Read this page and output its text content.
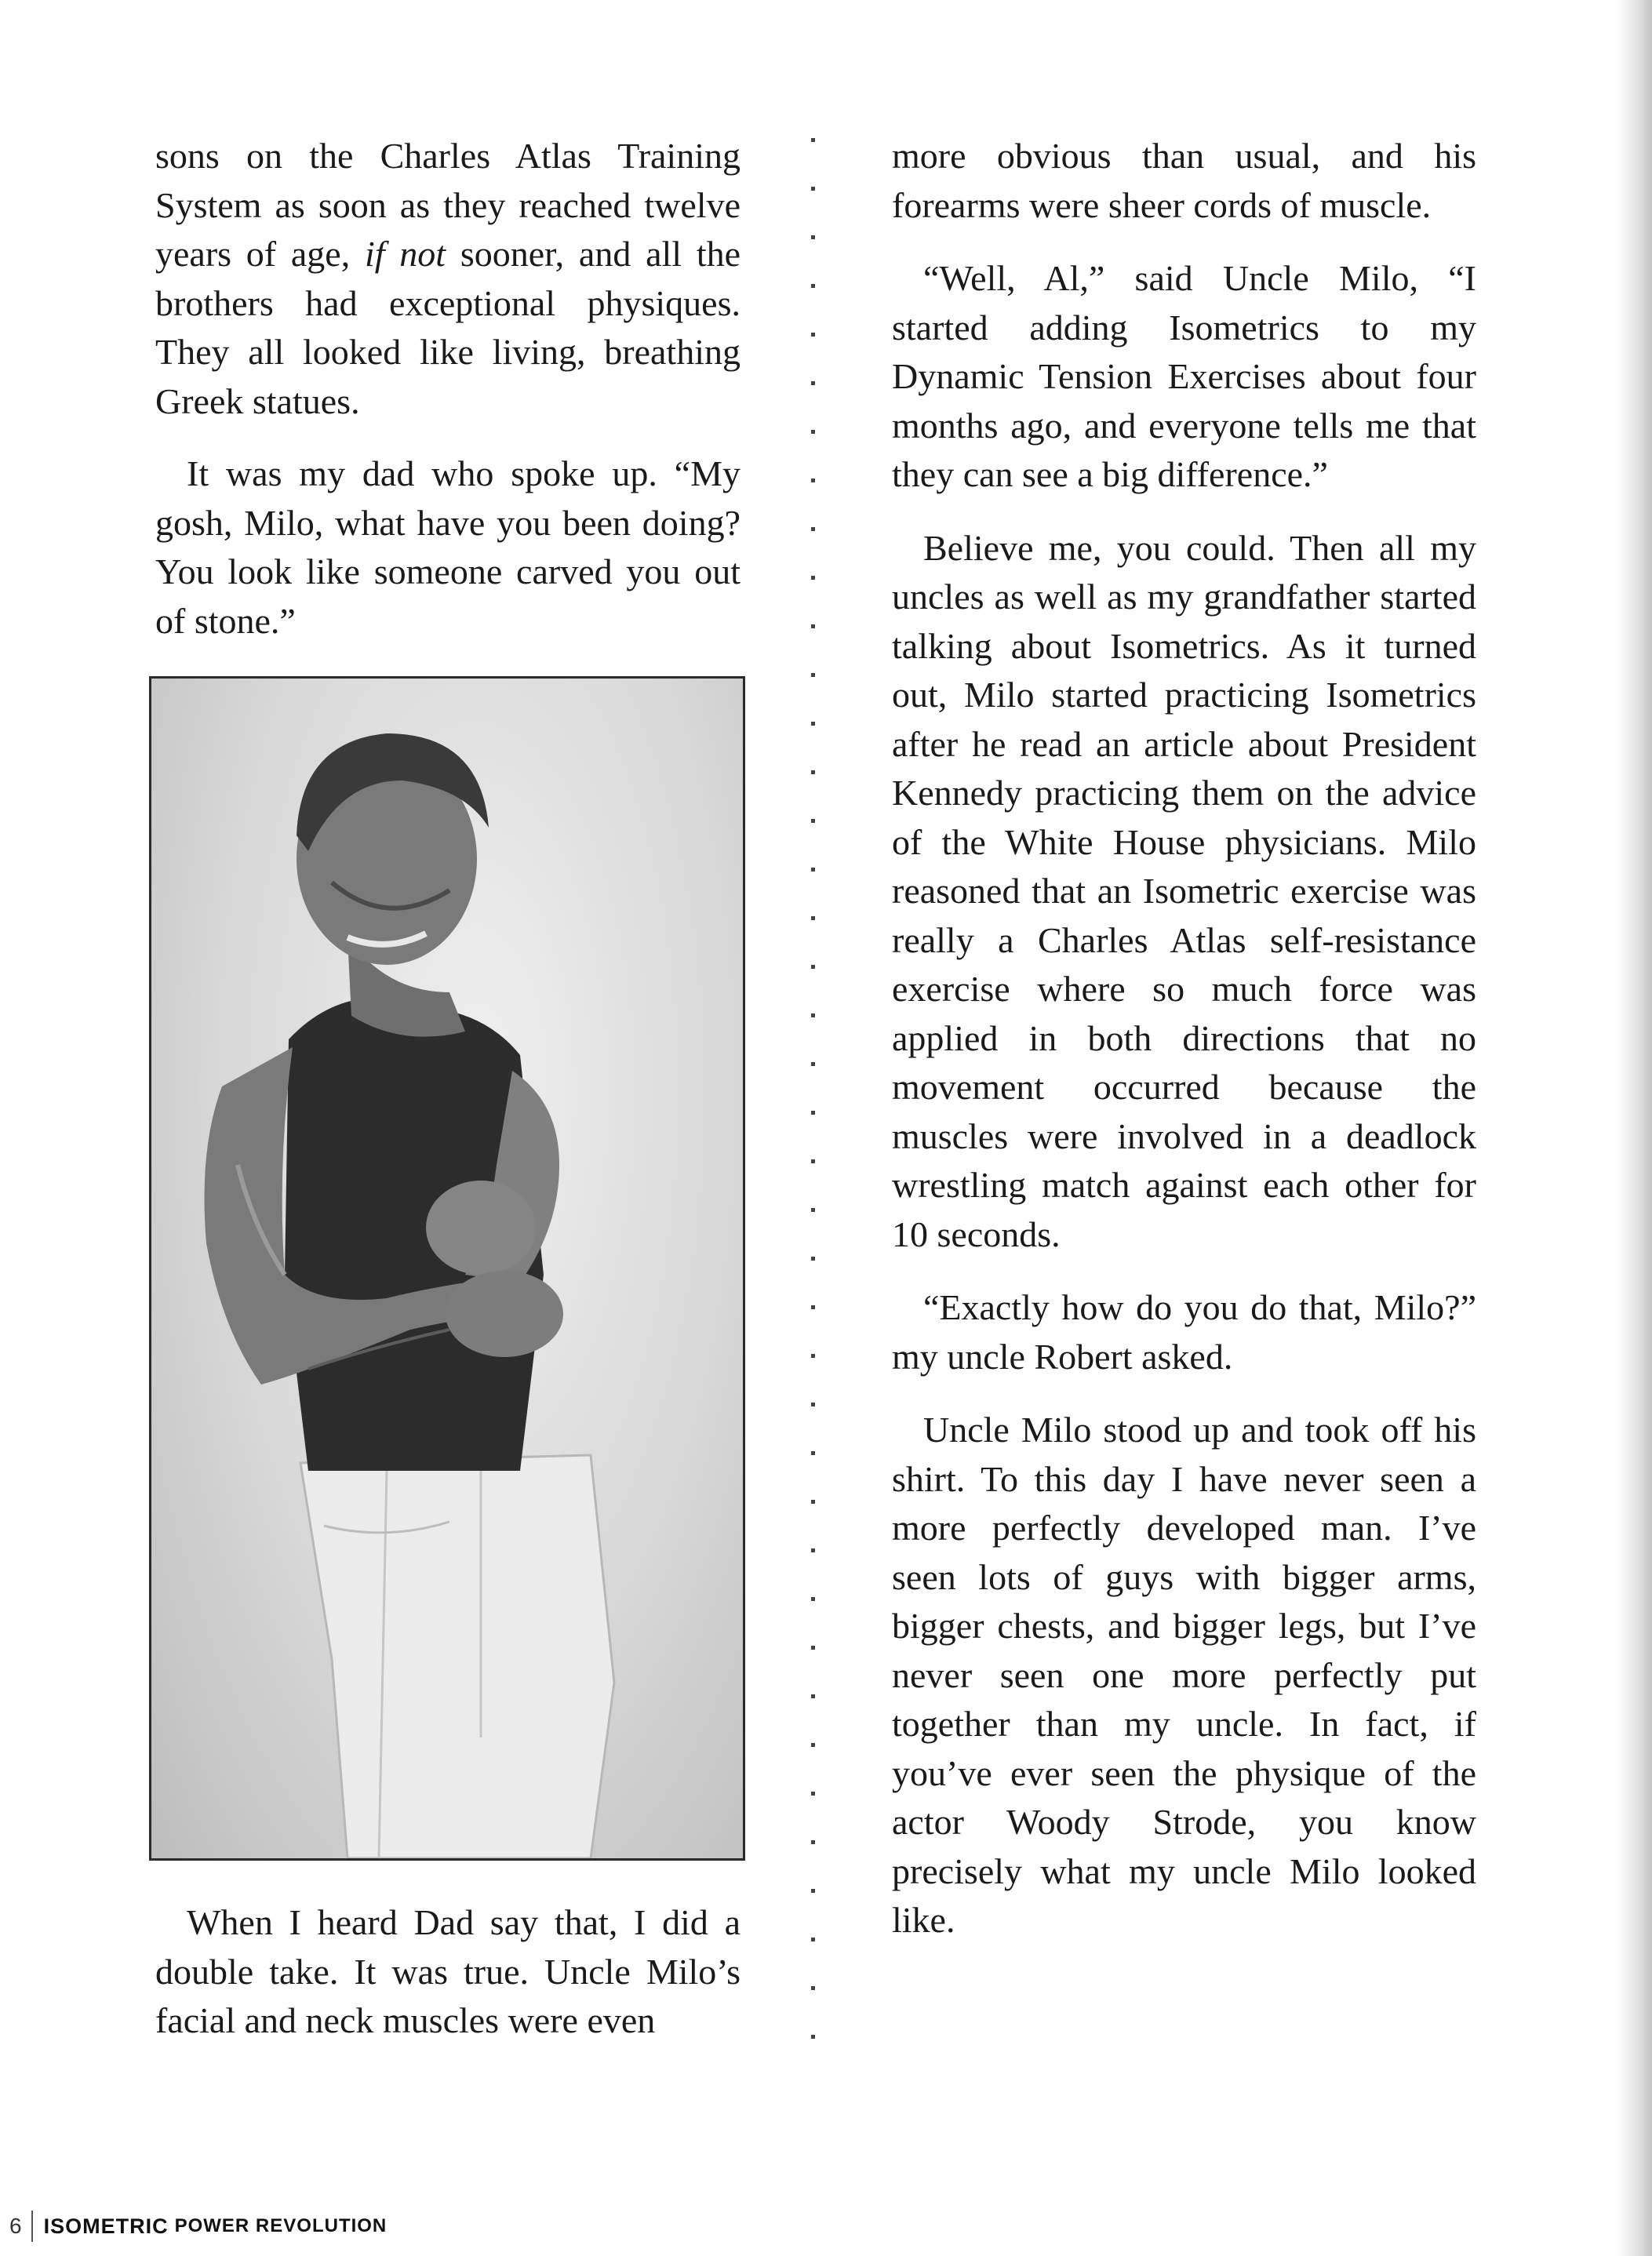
sons on the Charles Atlas Training System as soon as they reached twelve years of age, if not sooner, and all the brothers had exceptional physiques. They all looked like living, breathing Greek statues.

It was my dad who spoke up. “My gosh, Milo, what have you been doing? You look like someone carved you out of stone.”

When I heard Dad say that, I did a double take. It was true. Uncle Milo’s facial and neck muscles were even

more obvious than usual, and his forearms were sheer cords of muscle.

“Well, Al,” said Uncle Milo, “I started adding Isometrics to my Dynamic Tension Exercises about four months ago, and everyone tells me that they can see a big difference.”

Believe me, you could. Then all my uncles as well as my grandfather started talking about Isometrics. As it turned out, Milo started practicing Isometrics after he read an article about President Kennedy practicing them on the advice of the White House physicians. Milo reasoned that an Isometric exercise was really a Charles Atlas self-resistance exercise where so much force was applied in both directions that no movement occurred because the muscles were involved in a deadlock wrestling match against each other for 10 seconds.

“Exactly how do you do that, Milo?” my uncle Robert asked.

Uncle Milo stood up and took off his shirt. To this day I have never seen a more perfectly developed man. I’ve seen lots of guys with bigger arms, bigger chests, and bigger legs, but I’ve never seen one more perfectly put together than my uncle. In fact, if you’ve ever seen the physique of the actor Woody Strode, you know precisely what my uncle Milo looked like.

6 ISOMETRIC POWER REVOLUTION
